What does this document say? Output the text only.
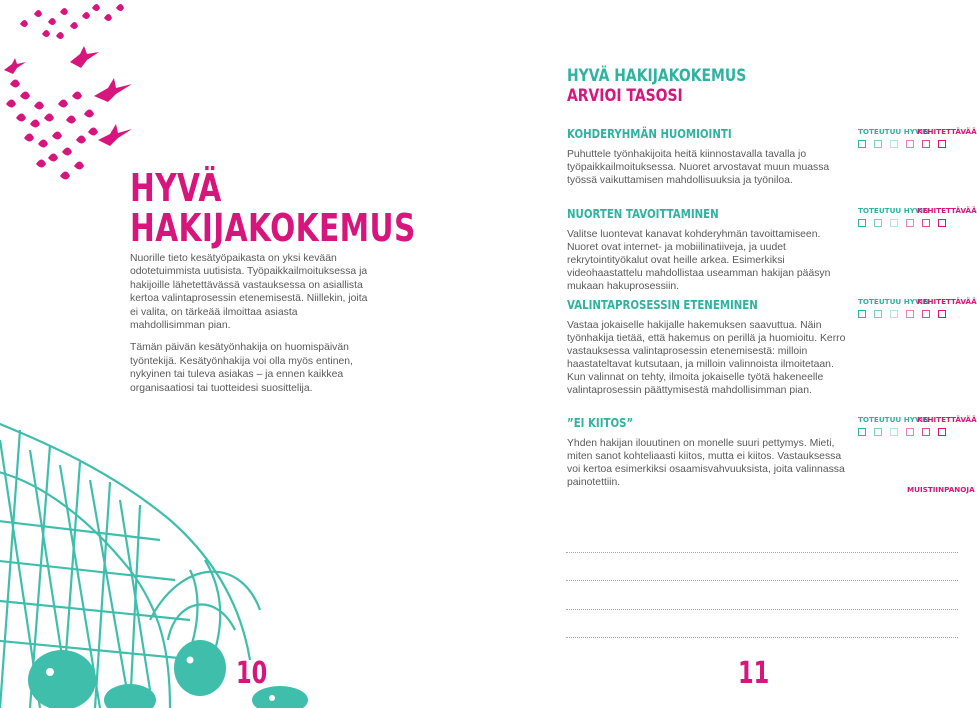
HYVÄ
HAKIJAKOKEMUS

Nuorille tieto kesätyöpaikasta on yksi kevään odotetuimmista uutisista. Työpaikkailmoituksessa ja hakijoille lähetettävässä vastauksessa on asiallista kertoa valintaprosessin etenemisestä. Niillekin, joita ei valita, on tärkeää ilmoittaa asiasta mahdollisimman pian.

Tämän päivän kesätyönhakija on huomispäivän työntekijä. Kesätyönhakija voi olla myös entinen, nykyinen tai tuleva asiakas – ja ennen kaikkea organisaatiosi tai tuotteidesi suosittelija.

10
HYVÄ HAKIJAKOKEMUS
ARVIOI TASOSI
KOHDERYHMÄN HUOMIOINTI
Puhuttele työnhakijoita heitä kiinnostavalla tavalla jo työpaikkailmoituksessa. Nuoret arvostavat muun muassa työssä vaikuttamisen mahdollisuuksia ja työniloa.
NUORTEN TAVOITTAMINEN
Valitse luontevat kanavat kohderyhmän tavoittamiseen. Nuoret ovat internet- ja mobiilinatiiveja, ja uudet rekrytointityökalut ovat heille arkea. Esimerkiksi videohaastattelu mahdollistaa useamman hakijan pääsyn mukaan hakuprosessiin.
VALINTAPROSESSIN ETENEMINEN
Vastaa jokaiselle hakijalle hakemuksen saavuttua. Näin työnhakija tietää, että hakemus on perillä ja huomioitu. Kerro vastauksessa valintaprosessin etenemisestä: milloin haastateltavat kutsutaan, ja milloin valinnoista ilmoitetaan. Kun valinnat on tehty, ilmoita jokaiselle työtä hakeneelle valintaprosessin päättymisestä mahdollisimman pian.
”EI KIITOS”
Yhden hakijan ilouutinen on monelle suuri pettymys. Mieti, miten sanot kohteliaasti kiitos, mutta ei kiitos. Vastauksessa voi kertoa esimerkiksi osaamisvahvuuksista, joita valinnassa painotettiin.
TOTEUTUU HYVIN
KEHITETTÄVÄÄ
TOTEUTUU HYVIN
KEHITETTÄVÄÄ
TOTEUTUU HYVIN
KEHITETTÄVÄÄ
TOTEUTUU HYVIN
KEHITETTÄVÄÄ
MUISTIINPANOJA
11
